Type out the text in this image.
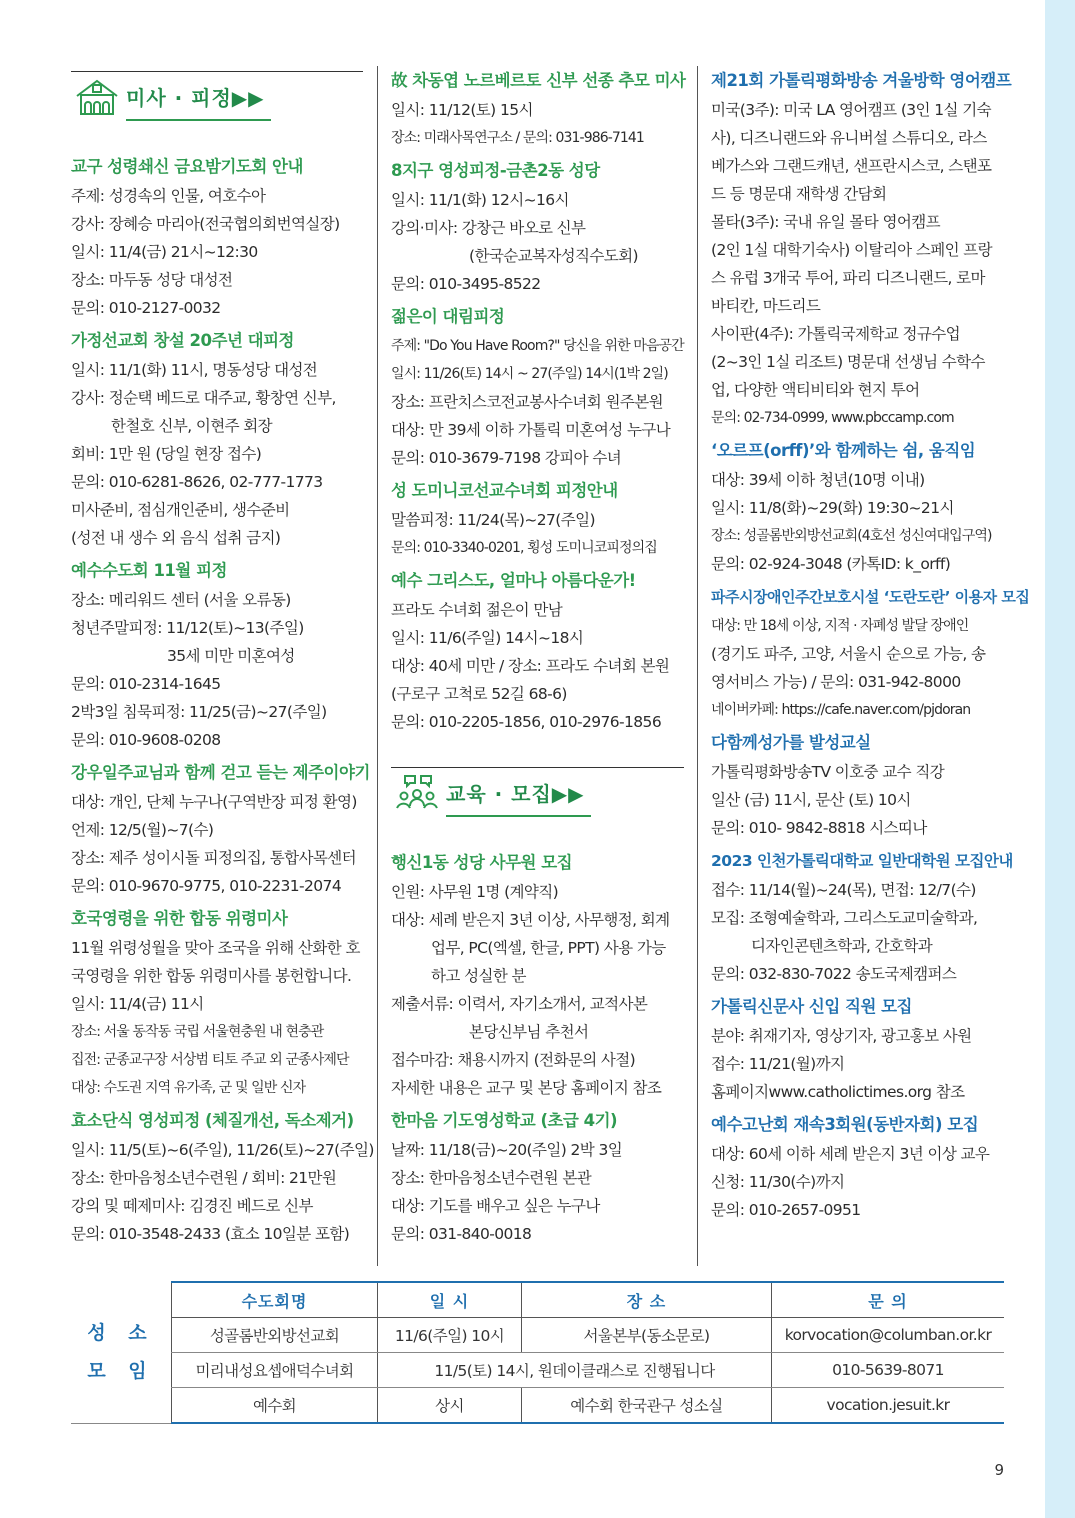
미사 · 피정▶▶
교구 성령쇄신 금요밤기도회 안내
주제: 성경속의 인물, 여호수아
강사: 장혜승 마리아(전국협의회번역실장)
일시: 11/4(금) 21시~12:30
장소: 마두동 성당 대성전
문의: 010-2127-0032
가정선교회 창설 20주년 대피정
일시: 11/1(화) 11시, 명동성당 대성전
강사: 정순택 베드로 대주교, 황창연 신부,
한철호 신부, 이현주 회장
회비: 1만 원 (당일 현장 접수)
문의: 010-6281-8626, 02-777-1773
미사준비, 점심개인준비, 생수준비
(성전 내 생수 외 음식 섭취 금지)
예수수도회 11월 피정
장소: 메리워드 센터 (서울 오류동)
청년주말피정: 11/12(토)~13(주일)
35세 미만 미혼여성
문의: 010-2314-1645
2박3일 침묵피정: 11/25(금)~27(주일)
문의: 010-9608-0208
강우일주교님과 함께 걷고 듣는 제주이야기
대상: 개인, 단체 누구나(구역반장 피정 환영)
언제: 12/5(월)~7(수)
장소: 제주 성이시돌 피정의집, 통합사목센터
문의: 010-9670-9775, 010-2231-2074
호국영령을 위한 합동 위령미사
11월 위령성월을 맞아 조국을 위해 산화한 호
국영령을 위한 합동 위령미사를 봉헌합니다.
일시: 11/4(금) 11시
장소: 서울 동작동 국립 서울현충원 내 현충관
집전: 군종교구장 서상범 티토 주교 외 군종사제단
대상: 수도권 지역 유가족, 군 및 일반 신자
효소단식 영성피정 (체질개선, 독소제거)
일시: 11/5(토)~6(주일), 11/26(토)~27(주일)
장소: 한마음청소년수련원 / 회비: 21만원
강의 및 떼제미사: 김경진 베드로 신부
문의: 010-3548-2433 (효소 10일분 포함)
故 차동엽 노르베르토 신부 선종 추모 미사
일시: 11/12(토) 15시
장소: 미래사목연구소 / 문의: 031-986-7141
8지구 영성피정-금촌2동 성당
일시: 11/1(화) 12시~16시
강의·미사: 강창근 바오로 신부
(한국순교복자성직수도회)
문의: 010-3495-8522
젊은이 대림피정
주제: "Do You Have Room?" 당신을 위한 마음공간
일시: 11/26(토) 14시 ~ 27(주일) 14시(1박 2일)
장소: 프란치스코전교봉사수녀회 원주본원
대상: 만 39세 이하 가톨릭 미혼여성 누구나
문의: 010-3679-7198 강피아 수녀
성 도미니코선교수녀회 피정안내
말씀피정: 11/24(목)~27(주일)
문의: 010-3340-0201, 횡성 도미니코피정의집
예수 그리스도, 얼마나 아름다운가!
프라도 수녀회 젊은이 만남
일시: 11/6(주일) 14시~18시
대상: 40세 미만 / 장소: 프라도 수녀회 본원
(구로구 고척로 52길 68-6)
문의: 010-2205-1856, 010-2976-1856
교육 · 모집▶▶
행신1동 성당 사무원 모집
인원: 사무원 1명 (계약직)
대상: 세례 받은지 3년 이상, 사무행정, 회계
업무, PC(엑셀, 한글, PPT) 사용 가능
하고 성실한 분
제출서류: 이력서, 자기소개서, 교적사본
본당신부님 추천서
접수마감: 채용시까지 (전화문의 사절)
자세한 내용은 교구 및 본당 홈페이지 참조
한마음 기도영성학교 (초급 4기)
날짜: 11/18(금)~20(주일) 2박 3일
장소: 한마음청소년수련원 본관
대상: 기도를 배우고 싶은 누구나
문의: 031-840-0018
제21회 가톨릭평화방송 겨울방학 영어캠프
미국(3주): 미국 LA 영어캠프 (3인 1실 기숙
사), 디즈니랜드와 유니버설 스튜디오, 라스
베가스와 그랜드캐년, 샌프란시스코, 스탠포
드 등 명문대 재학생 간담회
몰타(3주): 국내 유일 몰타 영어캠프
(2인 1실 대학기숙사) 이탈리아 스페인 프랑
스 유럽 3개국 투어, 파리 디즈니랜드, 로마
바티칸, 마드리드
사이판(4주): 가톨릭국제학교 정규수업
(2~3인 1실 리조트) 명문대 선생님 수학수
업, 다양한 액티비티와 현지 투어
문의: 02-734-0999, www.pbccamp.com
‘오르프(orff)’와 함께하는 쉼, 움직임
대상: 39세 이하 청년(10명 이내)
일시: 11/8(화)~29(화) 19:30~21시
장소: 성골롬반외방선교회(4호선 성신여대입구역)
문의: 02-924-3048 (카톡ID: k_orff)
파주시장애인주간보호시설 ‘도란도란’ 이용자 모집
대상: 만 18세 이상, 지적 · 자폐성 발달 장애인
(경기도 파주, 고양, 서울시 순으로 가능, 송
영서비스 가능) / 문의: 031-942-8000
네이버카페: https://cafe.naver.com/pjdoran
다함께성가를 발성교실
가톨릭평화방송TV 이호중 교수 직강
일산 (금) 11시, 문산 (토) 10시
문의: 010- 9842-8818 시스띠나
2023 인천가톨릭대학교 일반대학원 모집안내
접수: 11/14(월)~24(목), 면접: 12/7(수)
모집: 조형예술학과, 그리스도교미술학과,
디자인콘텐츠학과, 간호학과
문의: 032-830-7022 송도국제캠퍼스
가톨릭신문사 신입 직원 모집
분야: 취재기자, 영상기자, 광고홍보 사원
접수: 11/21(월)까지
홈페이지www.catholictimes.org 참조
예수고난회 재속3회원(동반자회) 모집
대상: 60세 이하 세례 받은지 3년 이상 교우
신청: 11/30(수)까지
문의: 010-2657-0951
성 소
모 임	수도회명	일 시	장 소	문 의
	성골롬반외방선교회	11/6(주일) 10시	서울본부(동소문로)	korvocation@columban.or.kr
	미리내성요셉애덕수녀회	11/5(토) 14시, 원데이클래스로 진행됩니다		010-5639-8071
	예수회	상시	예수회 한국관구 성소실	vocation.jesuit.kr
9
